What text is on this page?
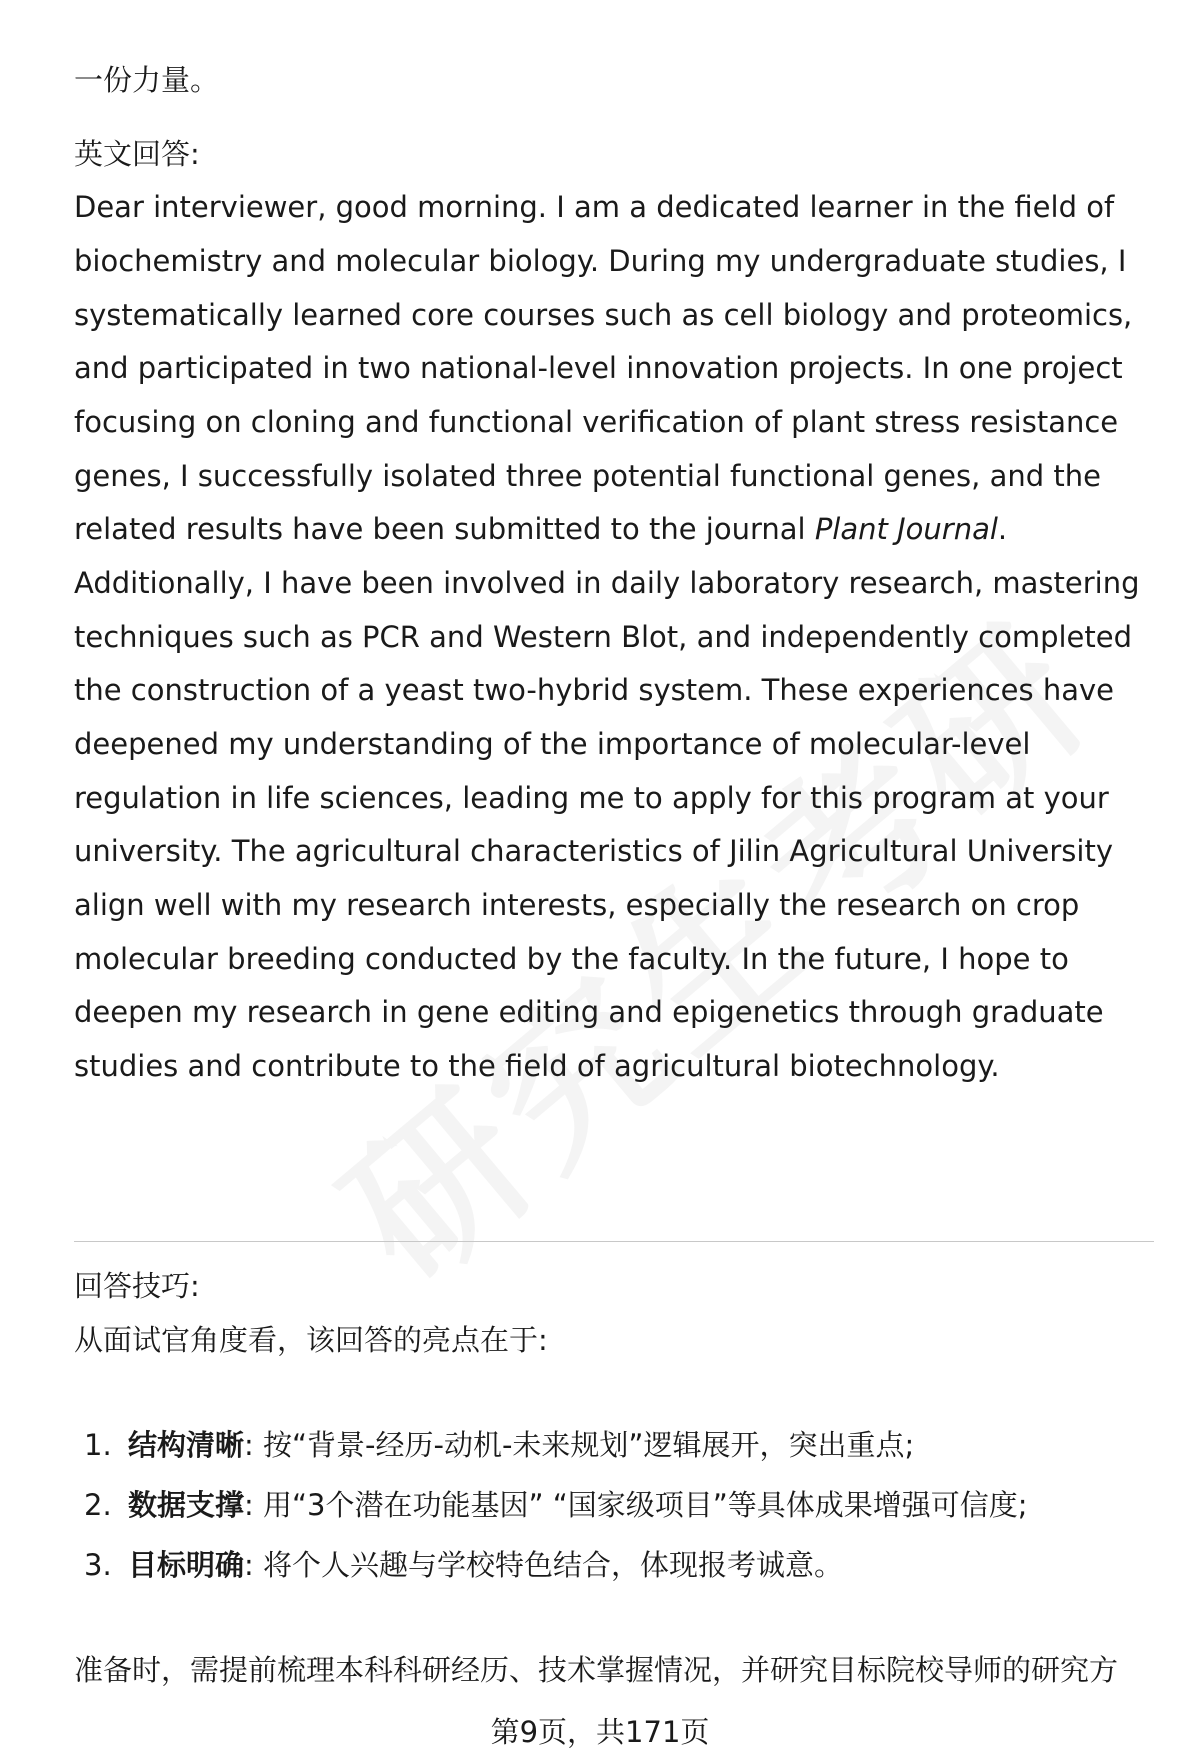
一份力量。
英文回答:
Dear interviewer, good morning. I am a dedicated learner in the field of
biochemistry and molecular biology. During my undergraduate studies, I
systematically learned core courses such as cell biology and proteomics,
and participated in two national-level innovation projects. In one project
focusing on cloning and functional verification of plant stress resistance
genes, I successfully isolated three potential functional genes, and the
related results have been submitted to the journal Plant Journal.
Additionally, I have been involved in daily laboratory research, mastering
techniques such as PCR and Western Blot, and independently completed
the construction of a yeast two-hybrid system. These experiences have
deepened my understanding of the importance of molecular-level
regulation in life sciences, leading me to apply for this program at your
university. The agricultural characteristics of Jilin Agricultural University
align well with my research interests, especially the research on crop
molecular breeding conducted by the faculty. In the future, I hope to
deepen my research in gene editing and epigenetics through graduate
studies and contribute to the field of agricultural biotechnology.
回答技巧:
从面试官角度看，该回答的亮点在于:
1. 结构清晰: 按“背景-经历-动机-未来规划”逻辑展开，突出重点;
2. 数据支撑: 用“3个潜在功能基因” “国家级项目”等具体成果增强可信度;
3. 目标明确: 将个人兴趣与学校特色结合，体现报考诚意。
准备时，需提前梳理本科科研经历、技术掌握情况，并研究目标院校导师的研究方
第9页，共171页
